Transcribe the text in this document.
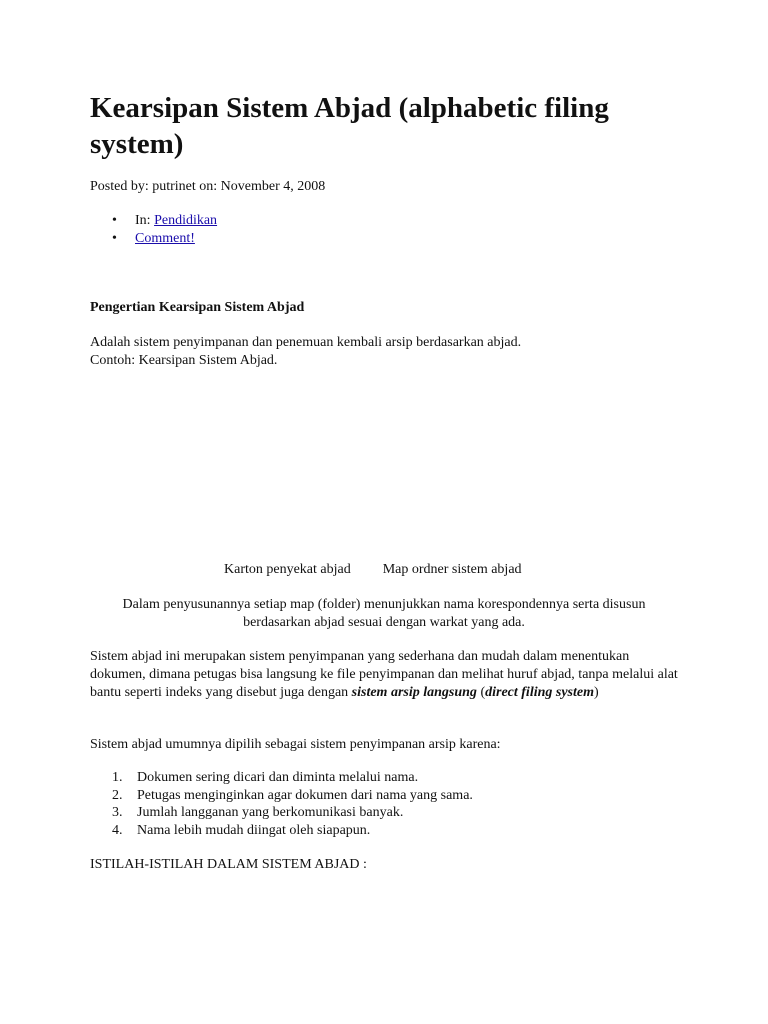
Kearsipan Sistem Abjad (alphabetic filing system)

Posted by: putrinet on: November 4, 2008

• In: Pendidikan
• Comment!

Pengertian Kearsipan Sistem Abjad

Adalah sistem penyimpanan dan penemuan kembali arsip berdasarkan abjad.
Contoh: Kearsipan Sistem Abjad.

Karton penyekat abjad Map ordner sistem abjad

Dalam penyusunannya setiap map (folder) menunjukkan nama korespondennya serta disusun berdasarkan abjad sesuai dengan warkat yang ada.

Sistem abjad ini merupakan sistem penyimpanan yang sederhana dan mudah dalam menentukan dokumen, dimana petugas bisa langsung ke file penyimpanan dan melihat huruf abjad, tanpa melalui alat bantu seperti indeks yang disebut juga dengan sistem arsip langsung (direct filing system)

Sistem abjad umumnya dipilih sebagai sistem penyimpanan arsip karena:

1. Dokumen sering dicari dan diminta melalui nama.
2. Petugas menginginkan agar dokumen dari nama yang sama.
3. Jumlah langganan yang berkomunikasi banyak.
4. Nama lebih mudah diingat oleh siapapun.

ISTILAH-ISTILAH DALAM SISTEM ABJAD :
